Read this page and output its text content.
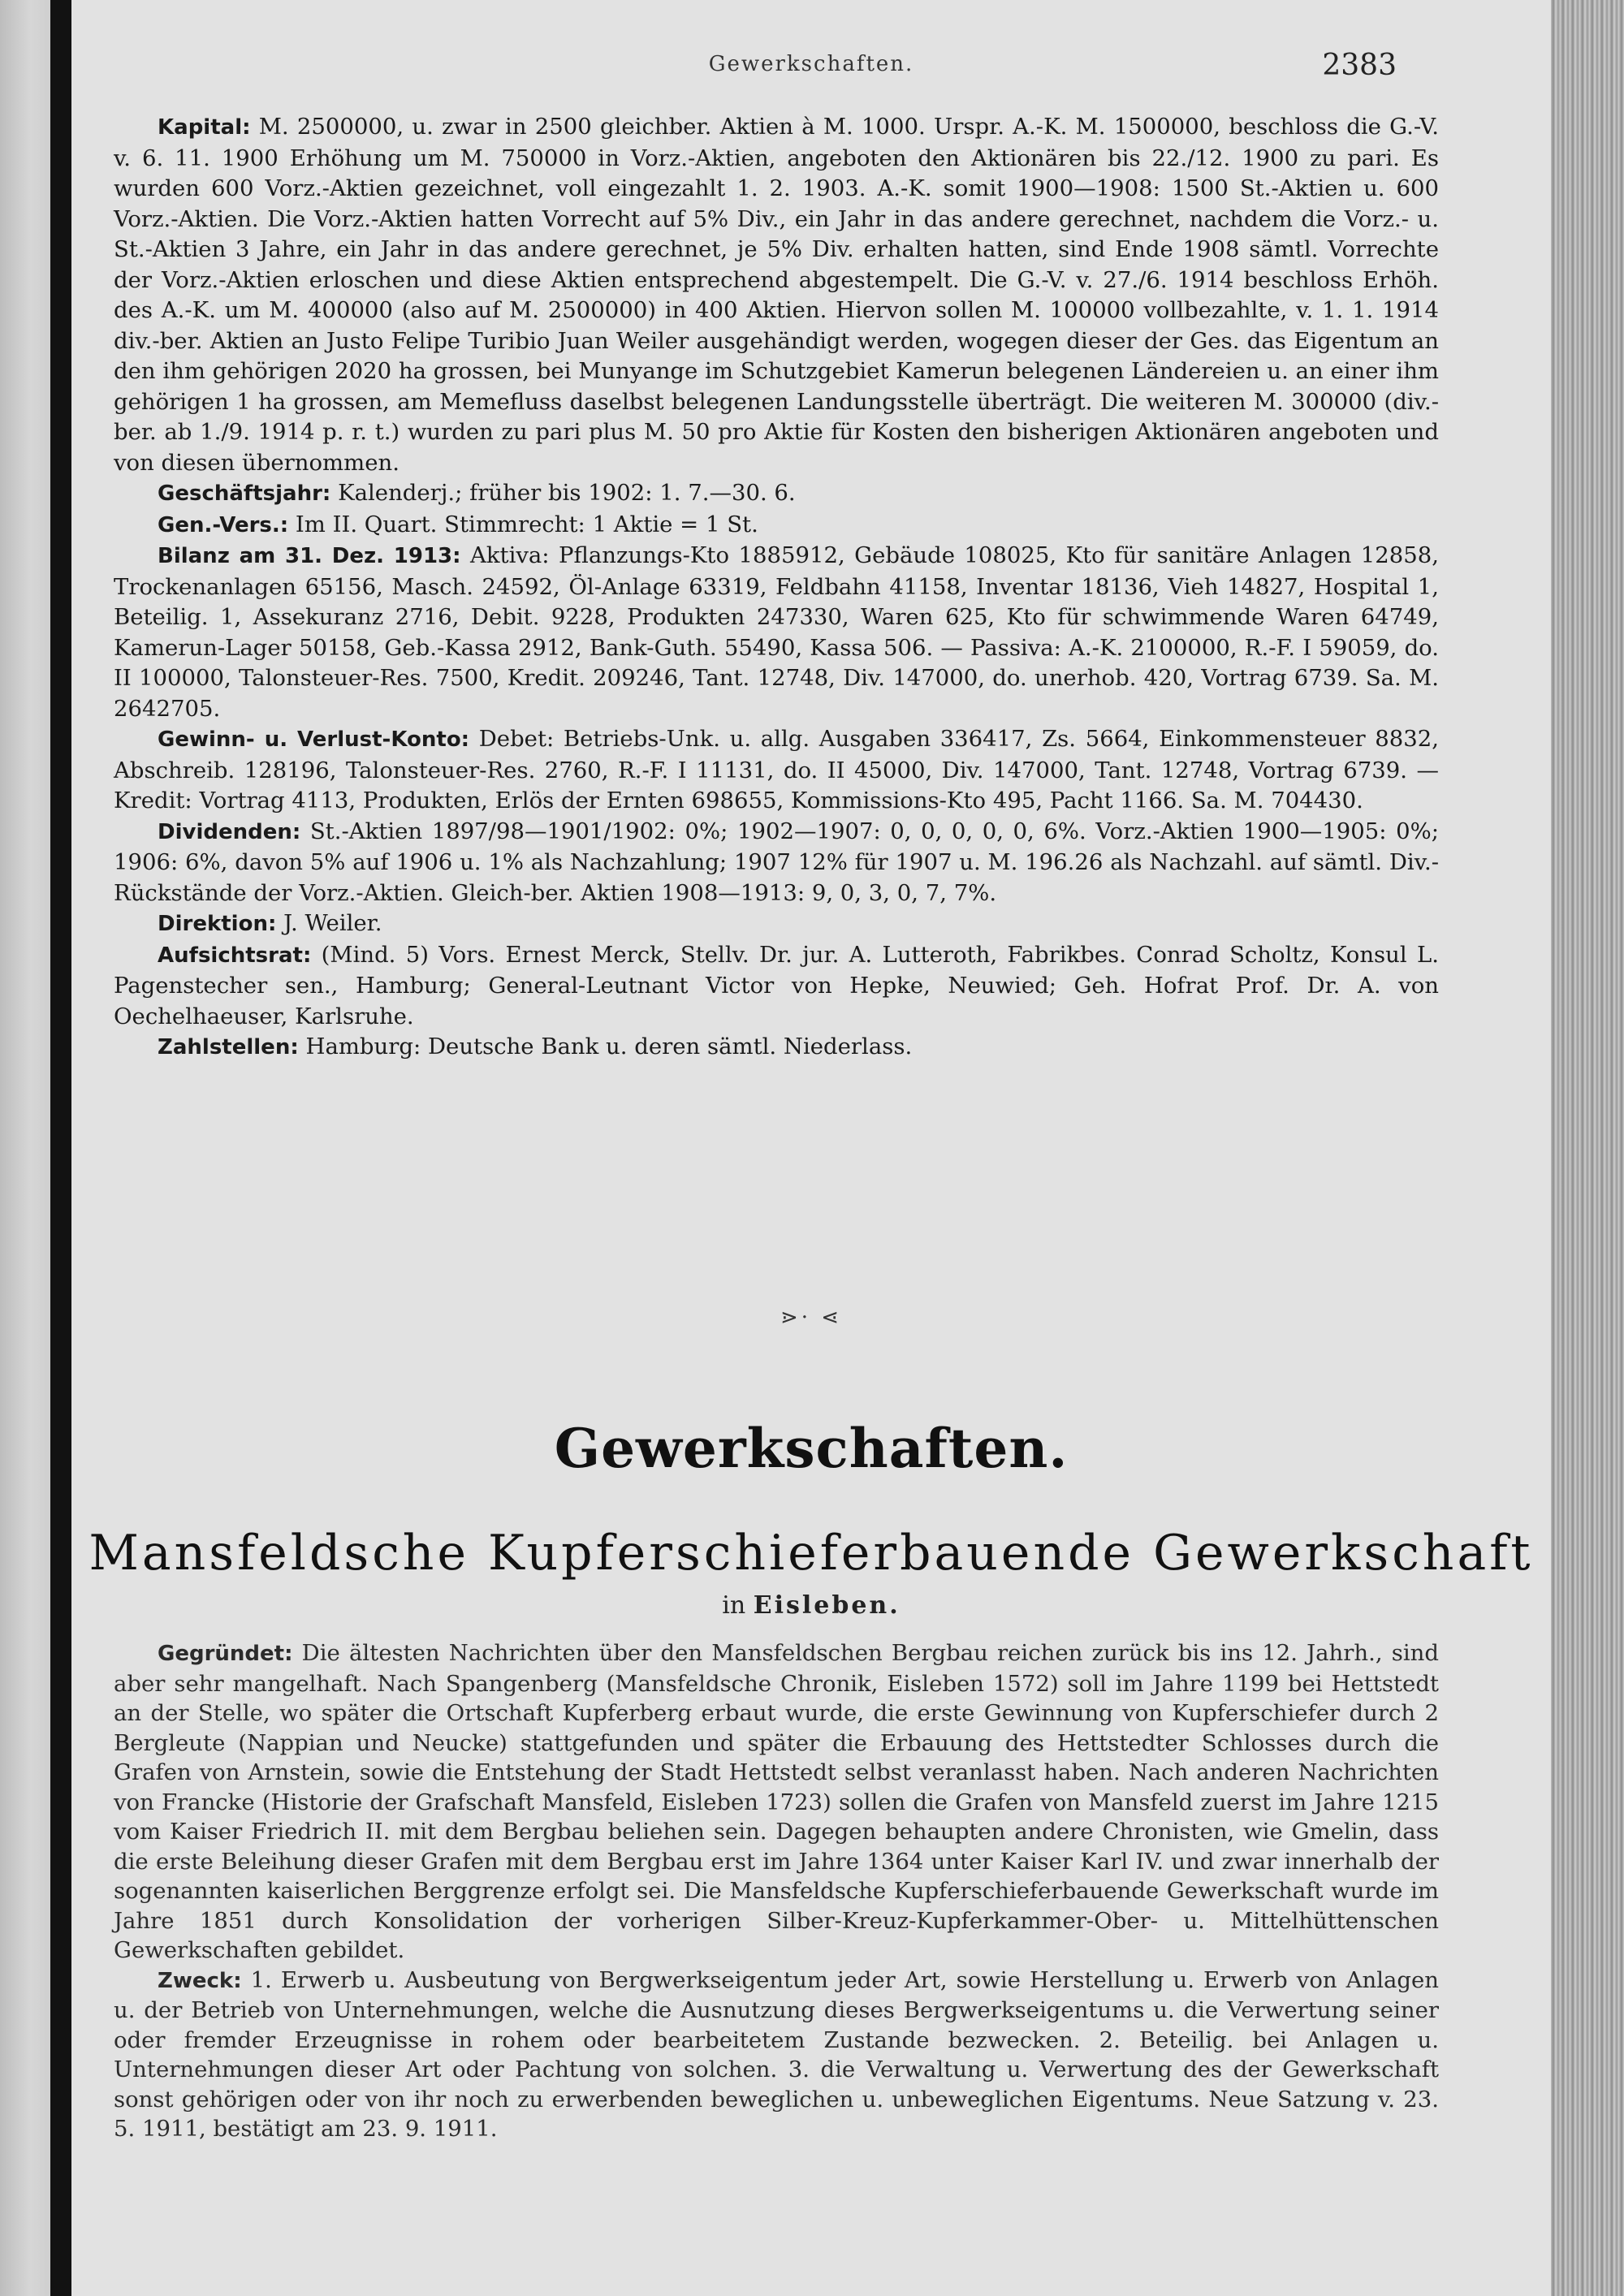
Gewerkschaften.	2383

Kapital: M. 2500000, u. zwar in 2500 gleichber. Aktien à M. 1000. Urspr. A.-K. M. 1500000, beschloss die G.-V. v. 6. 11. 1900 Erhöhung um M. 750000 in Vorz.-Aktien, angeboten den Aktionären bis 22./12. 1900 zu pari. Es wurden 600 Vorz.-Aktien gezeichnet, voll eingezahlt 1. 2. 1903. A.-K. somit 1900—1908: 1500 St.-Aktien u. 600 Vorz.-Aktien. Die Vorz.-Aktien hatten Vorrecht auf 5% Div., ein Jahr in das andere gerechnet, nachdem die Vorz.- u. St.-Aktien 3 Jahre, ein Jahr in das andere gerechnet, je 5% Div. erhalten hatten, sind Ende 1908 sämtl. Vorrechte der Vorz.-Aktien erloschen und diese Aktien entsprechend abgestempelt. Die G.-V. v. 27./6. 1914 beschloss Erhöh. des A.-K. um M. 400000 (also auf M. 2500000) in 400 Aktien. Hiervon sollen M. 100000 vollbezahlte, v. 1. 1. 1914 div.-ber. Aktien an Justo Felipe Turibio Juan Weiler ausgehändigt werden, wogegen dieser der Ges. das Eigentum an den ihm gehörigen 2020 ha grossen, bei Munyange im Schutzgebiet Kamerun belegenen Ländereien u. an einer ihm gehörigen 1 ha grossen, am Memefluss daselbst belegenen Landungsstelle überträgt. Die weiteren M. 300000 (div.-ber. ab 1./9. 1914 p. r. t.) wurden zu pari plus M. 50 pro Aktie für Kosten den bisherigen Aktionären angeboten und von diesen übernommen.

Geschäftsjahr: Kalenderj.; früher bis 1902: 1. 7.—30. 6.

Gen.-Vers.: Im II. Quart. Stimmrecht: 1 Aktie = 1 St.

Bilanz am 31. Dez. 1913: Aktiva: Pflanzungs-Kto 1885912, Gebäude 108025, Kto für sanitäre Anlagen 12858, Trockenanlagen 65156, Masch. 24592, Öl-Anlage 63319, Feldbahn 41158, Inventar 18136, Vieh 14827, Hospital 1, Beteilig. 1, Assekuranz 2716, Debit. 9228, Produkten 247330, Waren 625, Kto für schwimmende Waren 64749, Kamerun-Lager 50158, Geb.-Kassa 2912, Bank-Guth. 55490, Kassa 506. — Passiva: A.-K. 2100000, R.-F. I 59059, do. II 100000, Talonsteuer-Res. 7500, Kredit. 209246, Tant. 12748, Div. 147000, do. unerhob. 420, Vortrag 6739. Sa. M. 2642705.

Gewinn- u. Verlust-Konto: Debet: Betriebs-Unk. u. allg. Ausgaben 336417, Zs. 5664, Einkommensteuer 8832, Abschreib. 128196, Talonsteuer-Res. 2760, R.-F. I 11131, do. II 45000, Div. 147000, Tant. 12748, Vortrag 6739. — Kredit: Vortrag 4113, Produkten, Erlös der Ernten 698655, Kommissions-Kto 495, Pacht 1166. Sa. M. 704430.

Dividenden: St.-Aktien 1897/98—1901/1902: 0%; 1902—1907: 0, 0, 0, 0, 0, 6%. Vorz.-Aktien 1900—1905: 0%; 1906: 6%, davon 5% auf 1906 u. 1% als Nachzahlung; 1907 12% für 1907 u. M. 196.26 als Nachzahl. auf sämtl. Div.-Rückstände der Vorz.-Aktien. Gleich-ber. Aktien 1908—1913: 9, 0, 3, 0, 7, 7%.

Direktion: J. Weiler.

Aufsichtsrat: (Mind. 5) Vors. Ernest Merck, Stellv. Dr. jur. A. Lutteroth, Fabrikbes. Conrad Scholtz, Konsul L. Pagenstecher sen., Hamburg; General-Leutnant Victor von Hepke, Neuwied; Geh. Hofrat Prof. Dr. A. von Oechelhaeuser, Karlsruhe.

Zahlstellen: Hamburg: Deutsche Bank u. deren sämtl. Niederlass.

⋗· ⋖
Gewerkschaften.
Mansfeldsche Kupferschieferbauende Gewerkschaft
in Eisleben.

Gegründet: Die ältesten Nachrichten über den Mansfeldschen Bergbau reichen zurück bis ins 12. Jahrh., sind aber sehr mangelhaft. Nach Spangenberg (Mansfeldsche Chronik, Eisleben 1572) soll im Jahre 1199 bei Hettstedt an der Stelle, wo später die Ortschaft Kupferberg erbaut wurde, die erste Gewinnung von Kupferschiefer durch 2 Bergleute (Nappian und Neucke) stattgefunden und später die Erbauung des Hettstedter Schlosses durch die Grafen von Arnstein, sowie die Entstehung der Stadt Hettstedt selbst veranlasst haben. Nach anderen Nachrichten von Francke (Historie der Grafschaft Mansfeld, Eisleben 1723) sollen die Grafen von Mansfeld zuerst im Jahre 1215 vom Kaiser Friedrich II. mit dem Bergbau beliehen sein. Dagegen behaupten andere Chronisten, wie Gmelin, dass die erste Beleihung dieser Grafen mit dem Bergbau erst im Jahre 1364 unter Kaiser Karl IV. und zwar innerhalb der sogenannten kaiserlichen Berggrenze erfolgt sei. Die Mansfeldsche Kupferschieferbauende Gewerkschaft wurde im Jahre 1851 durch Konsolidation der vorherigen Silber-Kreuz-Kupferkammer-Ober- u. Mittelhüttenschen Gewerkschaften gebildet.

Zweck: 1. Erwerb u. Ausbeutung von Bergwerkseigentum jeder Art, sowie Herstellung u. Erwerb von Anlagen u. der Betrieb von Unternehmungen, welche die Ausnutzung dieses Bergwerkseigentums u. die Verwertung seiner oder fremder Erzeugnisse in rohem oder bearbeitetem Zustande bezwecken. 2. Beteilig. bei Anlagen u. Unternehmungen dieser Art oder Pachtung von solchen. 3. die Verwaltung u. Verwertung des der Gewerkschaft sonst gehörigen oder von ihr noch zu erwerbenden beweglichen u. unbeweglichen Eigentums. Neue Satzung v. 23. 5. 1911, bestätigt am 23. 9. 1911.
